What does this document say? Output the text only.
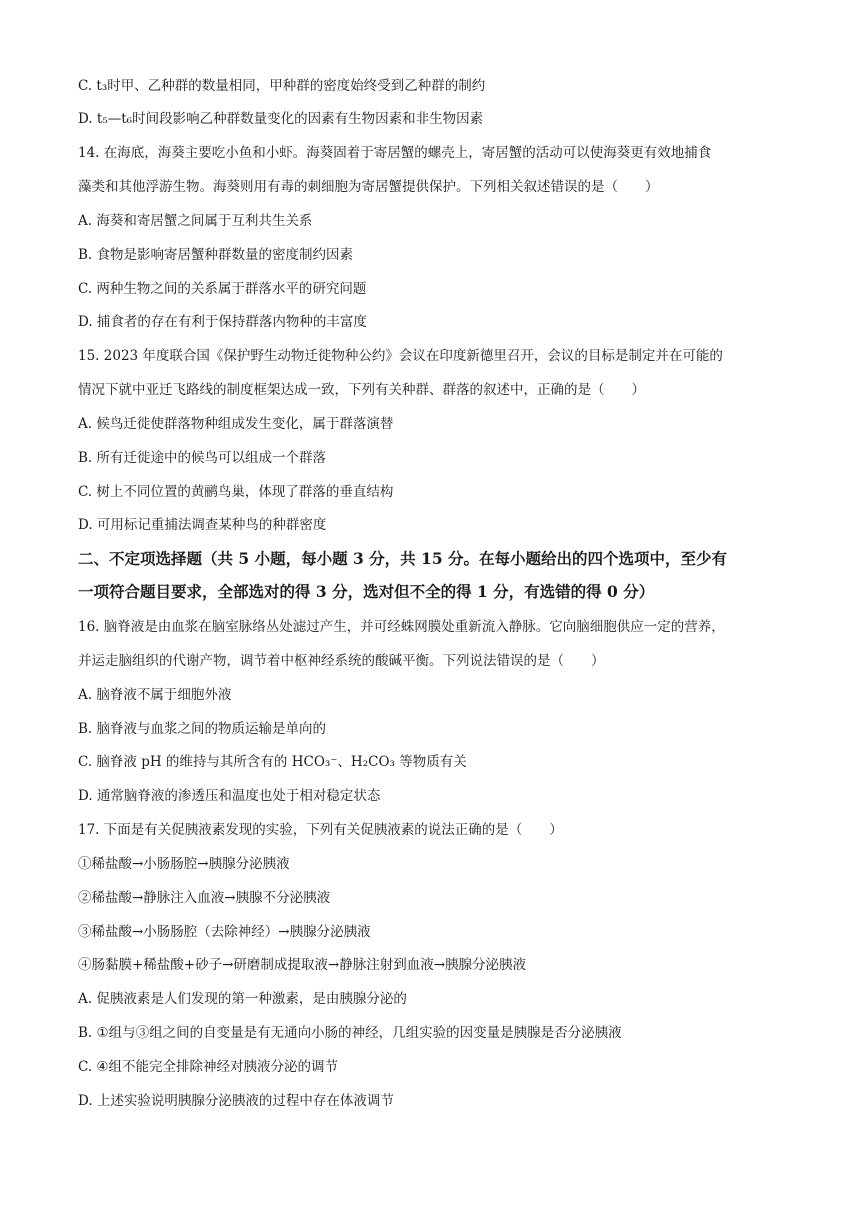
C. t₃时甲、乙种群的数量相同，甲种群的密度始终受到乙种群的制约
D. t₅—t₆时间段影响乙种群数量变化的因素有生物因素和非生物因素
14. 在海底，海葵主要吃小鱼和小虾。海葵固着于寄居蟹的螺壳上，寄居蟹的活动可以使海葵更有效地捕食
藻类和其他浮游生物。海葵则用有毒的刺细胞为寄居蟹提供保护。下列相关叙述错误的是（　　）
A. 海葵和寄居蟹之间属于互利共生关系
B. 食物是影响寄居蟹种群数量的密度制约因素
C. 两种生物之间的关系属于群落水平的研究问题
D. 捕食者的存在有利于保持群落内物种的丰富度
15. 2023 年度联合国《保护野生动物迁徙物种公约》会议在印度新德里召开，会议的目标是制定并在可能的
情况下就中亚迁飞路线的制度框架达成一致，下列有关种群、群落的叙述中，正确的是（　　）
A. 候鸟迁徙使群落物种组成发生变化，属于群落演替
B. 所有迁徙途中的候鸟可以组成一个群落
C. 树上不同位置的黄鹂鸟巢，体现了群落的垂直结构
D. 可用标记重捕法调查某种鸟的种群密度
二、不定项选择题（共 5 小题，每小题 3 分，共 15 分。在每小题给出的四个选项中，至少有
一项符合题目要求，全部选对的得 3 分，选对但不全的得 1 分，有选错的得 0 分）
16. 脑脊液是由血浆在脑室脉络丛处滤过产生，并可经蛛网膜处重新流入静脉。它向脑细胞供应一定的营养，
并运走脑组织的代谢产物，调节着中枢神经系统的酸碱平衡。下列说法错误的是（　　）
A. 脑脊液不属于细胞外液
B. 脑脊液与血浆之间的物质运输是单向的
C. 脑脊液 pH 的维持与其所含有的 HCO₃⁻、H₂CO₃ 等物质有关
D. 通常脑脊液的渗透压和温度也处于相对稳定状态
17. 下面是有关促胰液素发现的实验，下列有关促胰液素的说法正确的是（　　）
①稀盐酸→小肠肠腔→胰腺分泌胰液
②稀盐酸→静脉注入血液→胰腺不分泌胰液
③稀盐酸→小肠肠腔（去除神经）→胰腺分泌胰液
④肠黏膜+稀盐酸+砂子→研磨制成提取液→静脉注射到血液→胰腺分泌胰液
A. 促胰液素是人们发现的第一种激素，是由胰腺分泌的
B. ①组与③组之间的自变量是有无通向小肠的神经，几组实验的因变量是胰腺是否分泌胰液
C. ④组不能完全排除神经对胰液分泌的调节
D. 上述实验说明胰腺分泌胰液的过程中存在体液调节
